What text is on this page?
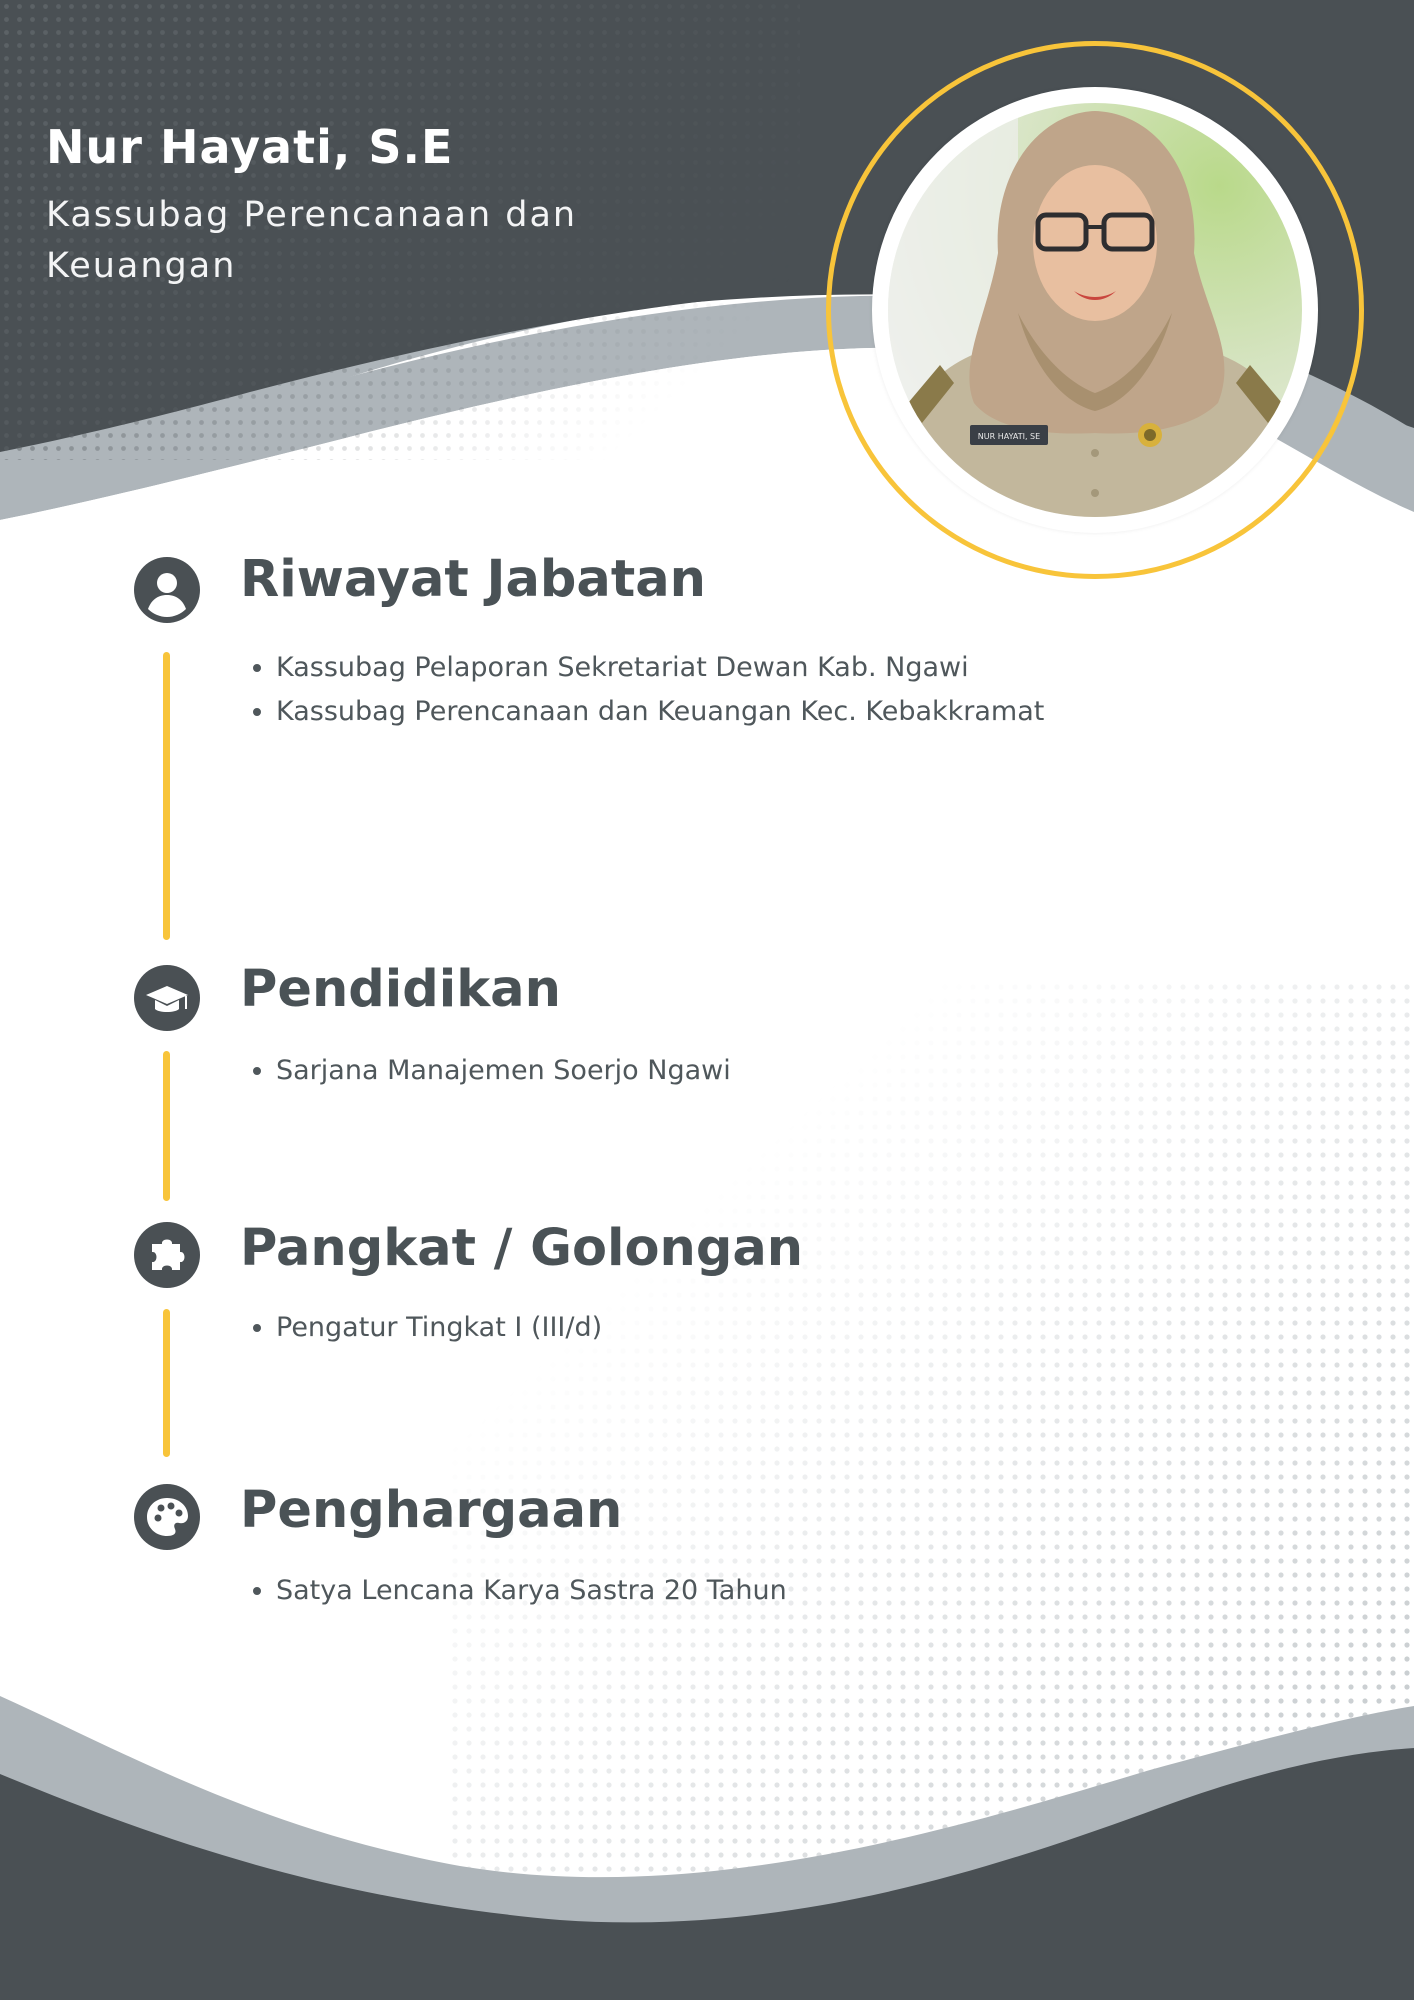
Nur Hayati, S.E
Kassubag Perencanaan dan Keuangan
NUR HAYATI, SE
Riwayat Jabatan
• Kassubag Pelaporan Sekretariat Dewan Kab. Ngawi
• Kassubag Perencanaan dan Keuangan Kec. Kebakkramat
Pendidikan
• Sarjana Manajemen Soerjo Ngawi
Pangkat / Golongan
• Pengatur Tingkat I (III/d)
Penghargaan
• Satya Lencana Karya Sastra 20 Tahun
